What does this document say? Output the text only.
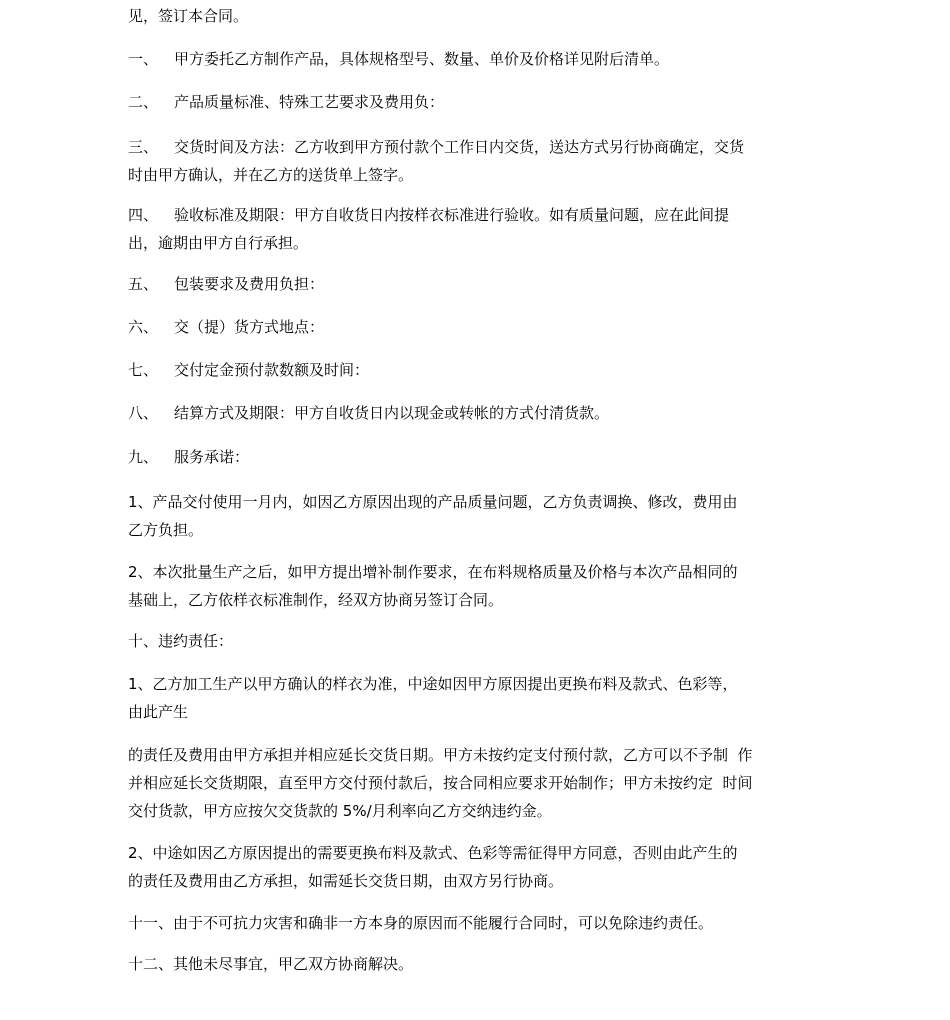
见，签订本合同。

一、	甲方委托乙方制作产品，具体规格型号、数量、单价及价格详见附后清单。

二、	产品质量标准、特殊工艺要求及费用负：

三、	交货时间及方法：乙方收到甲方预付款个工作日内交货，送达方式另行协商确定，交货

时由甲方确认，并在乙方的送货单上签字。

四、	验收标准及期限：甲方自收货日内按样衣标准进行验收。如有质量问题，应在此间提

出，逾期由甲方自行承担。

五、	包装要求及费用负担：

六、	交（提）货方式地点：

七、	交付定金预付款数额及时间：

八、	结算方式及期限：甲方自收货日内以现金或转帐的方式付清货款。

九、	服务承诺：

1、产品交付使用一月内，如因乙方原因出现的产品质量问题，乙方负责调换、修改，费用由

乙方负担。

2、本次批量生产之后，如甲方提出增补制作要求，在布料规格质量及价格与本次产品相同的

基础上，乙方依样衣标准制作，经双方协商另签订合同。

十、违约责任：

1、乙方加工生产以甲方确认的样衣为准，中途如因甲方原因提出更换布料及款式、色彩等，

由此产生

的责任及费用由甲方承担并相应延长交货日期。甲方未按约定支付预付款，乙方可以不予制  作

并相应延长交货期限，直至甲方交付预付款后，按合同相应要求开始制作；甲方未按约定  时间

交付货款，甲方应按欠交货款的 5%/月利率向乙方交纳违约金。

2、中途如因乙方原因提出的需要更换布料及款式、色彩等需征得甲方同意，否则由此产生的

的责任及费用由乙方承担，如需延长交货日期，由双方另行协商。

十一、由于不可抗力灾害和确非一方本身的原因而不能履行合同时，可以免除违约责任。

十二、其他未尽事宜，甲乙双方协商解决。
